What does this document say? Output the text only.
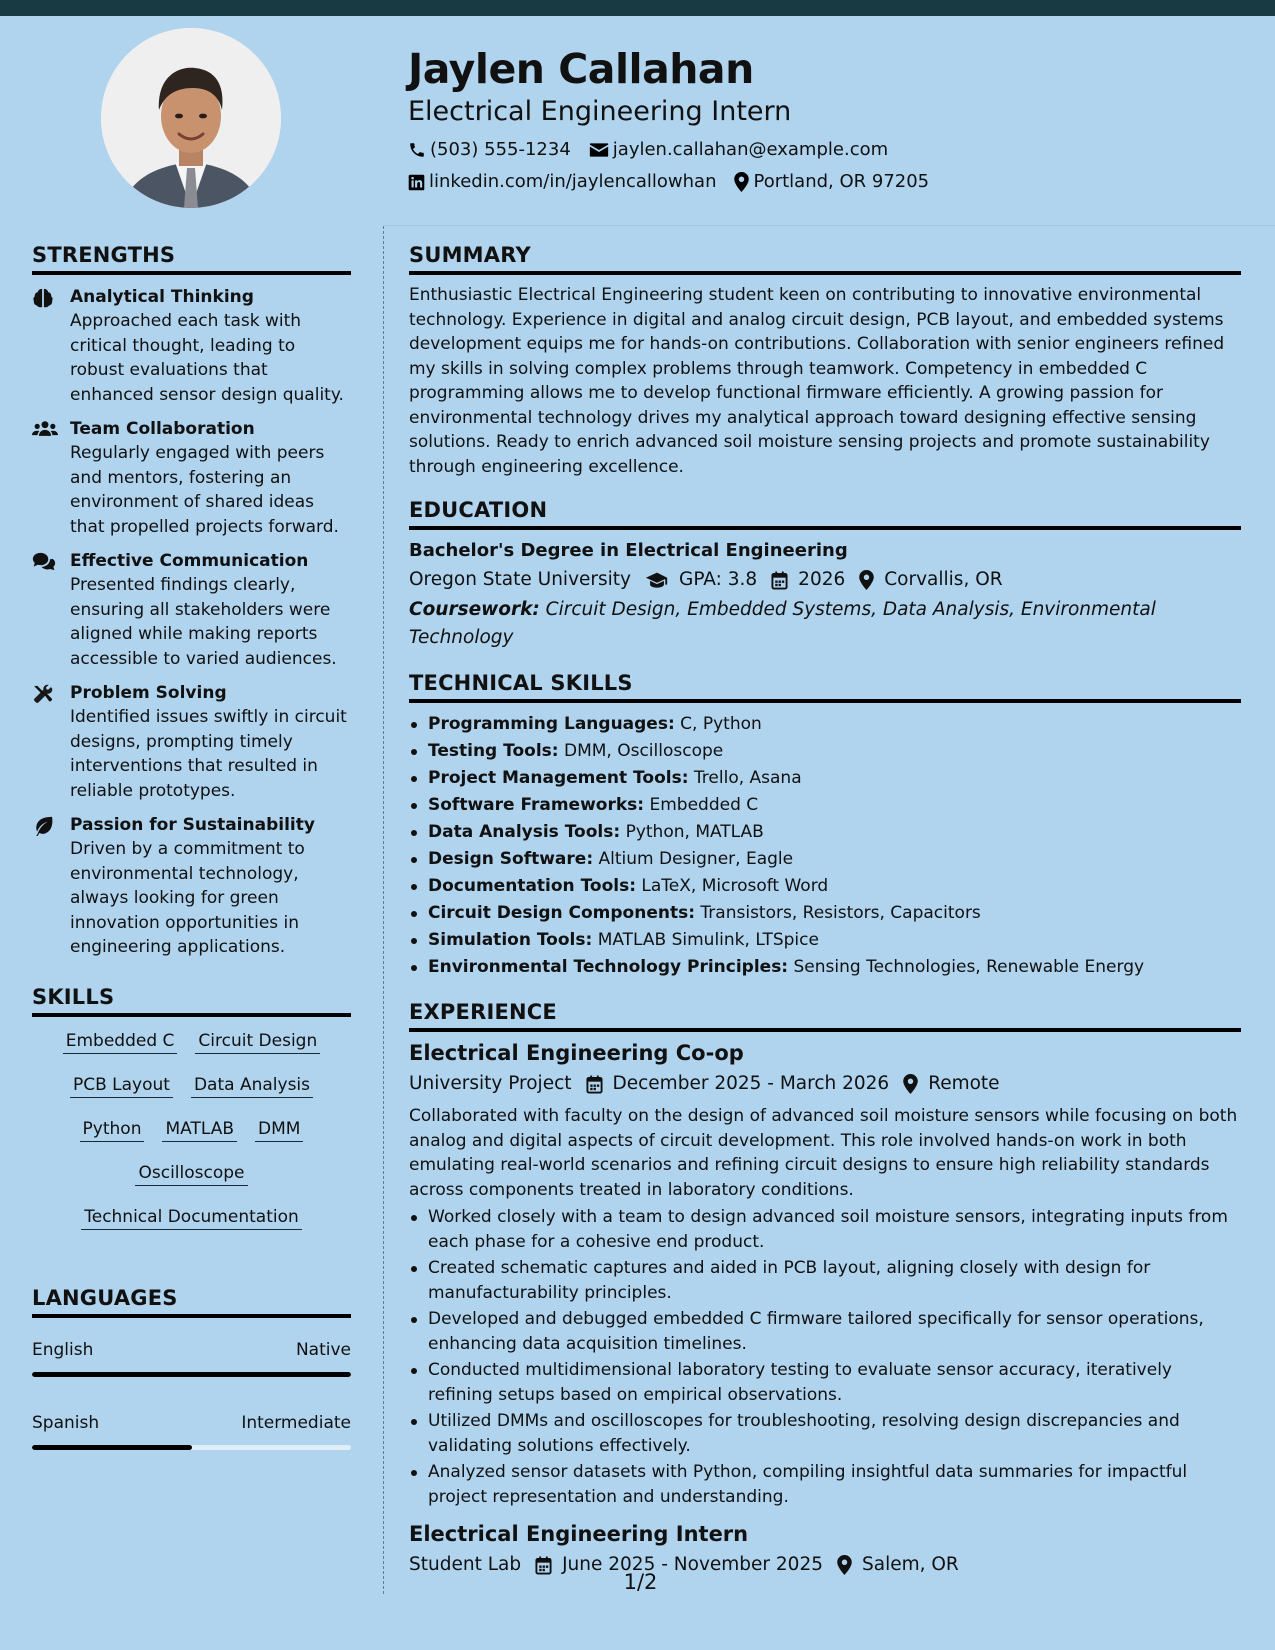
Jaylen Callahan
Electrical Engineering Intern
(503) 555-1234 jaylen.callahan@example.com
linkedin.com/in/jaylencallowhan Portland, OR 97205
STRENGTHS
Analytical Thinking
Approached each task with critical thought, leading to robust evaluations that enhanced sensor design quality.
Team Collaboration
Regularly engaged with peers and mentors, fostering an environment of shared ideas that propelled projects forward.
Effective Communication
Presented findings clearly, ensuring all stakeholders were aligned while making reports accessible to varied audiences.
Problem Solving
Identified issues swiftly in circuit designs, prompting timely interventions that resulted in reliable prototypes.
Passion for Sustainability
Driven by a commitment to environmental technology, always looking for green innovation opportunities in engineering applications.
SKILLS
Embedded C Circuit Design
PCB Layout Data Analysis
Python MATLAB DMM
Oscilloscope
Technical Documentation
LANGUAGES
English	Native
Spanish	Intermediate
SUMMARY
Enthusiastic Electrical Engineering student keen on contributing to innovative environmental technology. Experience in digital and analog circuit design, PCB layout, and embedded systems development equips me for hands-on contributions. Collaboration with senior engineers refined my skills in solving complex problems through teamwork. Competency in embedded C programming allows me to develop functional firmware efficiently. A growing passion for environmental technology drives my analytical approach toward designing effective sensing solutions. Ready to enrich advanced soil moisture sensing projects and promote sustainability through engineering excellence.
EDUCATION
Bachelor's Degree in Electrical Engineering
Oregon State University	GPA: 3.8 2026 Corvallis, OR
Coursework: Circuit Design, Embedded Systems, Data Analysis, Environmental Technology
TECHNICAL SKILLS
Programming Languages: C, Python
Testing Tools: DMM, Oscilloscope
Project Management Tools: Trello, Asana
Software Frameworks: Embedded C
Data Analysis Tools: Python, MATLAB
Design Software: Altium Designer, Eagle
Documentation Tools: LaTeX, Microsoft Word
Circuit Design Components: Transistors, Resistors, Capacitors
Simulation Tools: MATLAB Simulink, LTSpice
Environmental Technology Principles: Sensing Technologies, Renewable Energy
EXPERIENCE
Electrical Engineering Co-op
University Project December 2025 - March 2026 Remote
Collaborated with faculty on the design of advanced soil moisture sensors while focusing on both analog and digital aspects of circuit development. This role involved hands-on work in both emulating real-world scenarios and refining circuit designs to ensure high reliability standards across components treated in laboratory conditions.
Worked closely with a team to design advanced soil moisture sensors, integrating inputs from each phase for a cohesive end product.
Created schematic captures and aided in PCB layout, aligning closely with design for manufacturability principles.
Developed and debugged embedded C firmware tailored specifically for sensor operations, enhancing data acquisition timelines.
Conducted multidimensional laboratory testing to evaluate sensor accuracy, iteratively refining setups based on empirical observations.
Utilized DMMs and oscilloscopes for troubleshooting, resolving design discrepancies and validating solutions effectively.
Analyzed sensor datasets with Python, compiling insightful data summaries for impactful project representation and understanding.
Electrical Engineering Intern
Student Lab June 2025 - November 2025 Salem, OR
1/2
